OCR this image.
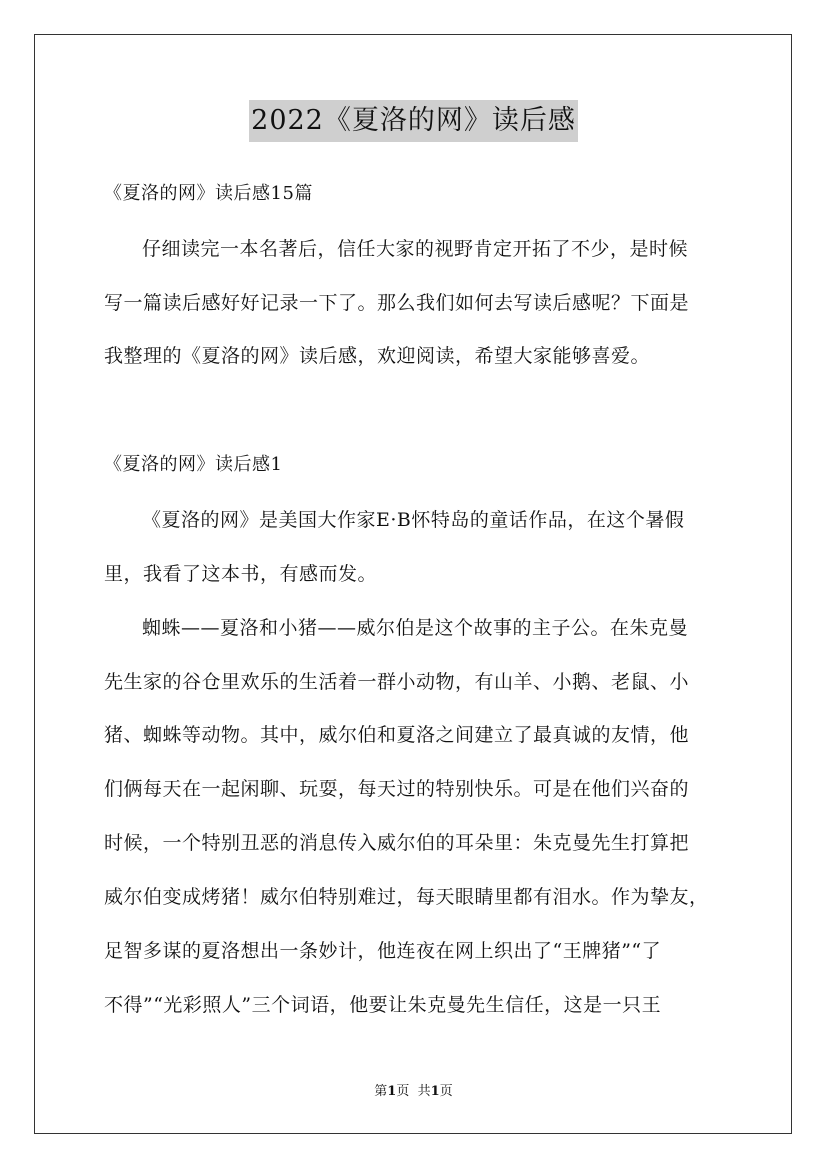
2022《夏洛的网》读后感
《夏洛的网》读后感15篇
仔细读完一本名著后，信任大家的视野肯定开拓了不少，是时候
写一篇读后感好好记录一下了。那么我们如何去写读后感呢？下面是
我整理的《夏洛的网》读后感，欢迎阅读，希望大家能够喜爱。
《夏洛的网》读后感1
《夏洛的网》是美国大作家E·B怀特岛的童话作品，在这个暑假
里，我看了这本书，有感而发。
蜘蛛——夏洛和小猪——威尔伯是这个故事的主子公。在朱克曼
先生家的谷仓里欢乐的生活着一群小动物，有山羊、小鹅、老鼠、小
猪、蜘蛛等动物。其中，威尔伯和夏洛之间建立了最真诚的友情，他
们俩每天在一起闲聊、玩耍，每天过的特别快乐。可是在他们兴奋的
时候，一个特别丑恶的消息传入威尔伯的耳朵里：朱克曼先生打算把
威尔伯变成烤猪！威尔伯特别难过，每天眼睛里都有泪水。作为挚友，
足智多谋的夏洛想出一条妙计，他连夜在网上织出了“王牌猪”“了
不得”“光彩照人”三个词语，他要让朱克曼先生信任，这是一只王
第1页 共1页
